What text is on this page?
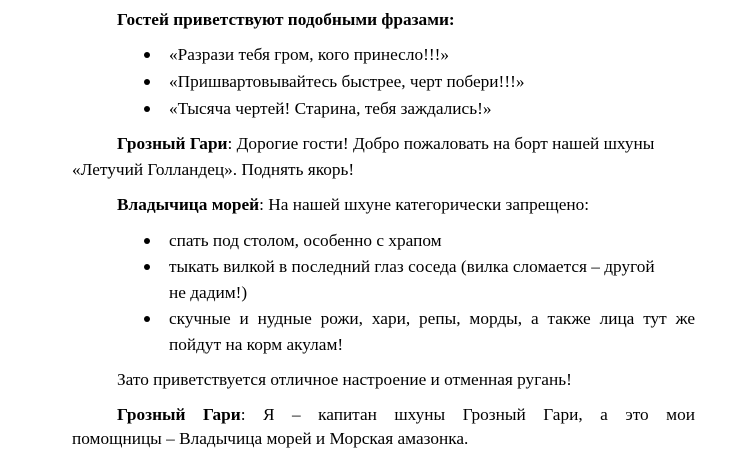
Гостей приветствуют подобными фразами:
«Разрази тебя гром, кого принесло!!!»
«Пришвартовывайтесь быстрее, черт побери!!!»
«Тысяча чертей! Старина, тебя заждались!»
Грозный Гари: Дорогие гости! Добро пожаловать на борт нашей шхуны
«Летучий Голландец». Поднять якорь!
Владычица морей: На нашей шхуне категорически запрещено:
спать под столом, особенно с храпом
тыкать вилкой в последний глаз соседа (вилка сломается – другой
не дадим!)
скучные и нудные рожи, хари, репы, морды, а также лица тут же
пойдут на корм акулам!
Зато приветствуется отличное настроение и отменная ругань!
Грозный Гари: Я – капитан шхуны Грозный Гари, а это мои
помощницы – Владычица морей и Морская амазонка.
